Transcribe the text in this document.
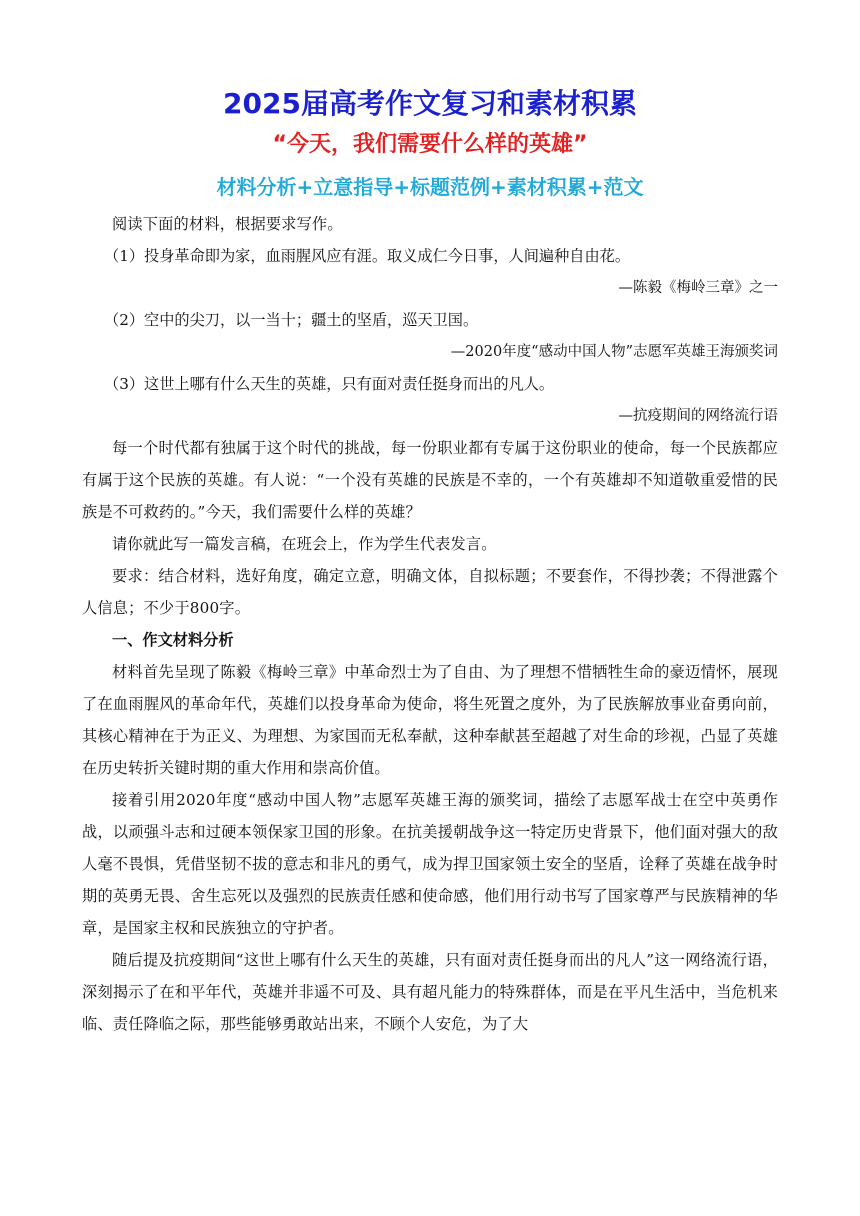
2025届高考作文复习和素材积累
“今天，我们需要什么样的英雄”
材料分析+立意指导+标题范例+素材积累+范文

阅读下面的材料，根据要求写作。

（1）投身革命即为家，血雨腥风应有涯。取义成仁今日事，人间遍种自由花。

—陈毅《梅岭三章》之一

（2）空中的尖刀，以一当十；疆土的坚盾，巡天卫国。

—2020年度“感动中国人物”志愿军英雄王海颁奖词

（3）这世上哪有什么天生的英雄，只有面对责任挺身而出的凡人。

—抗疫期间的网络流行语

每一个时代都有独属于这个时代的挑战，每一份职业都有专属于这份职业的使命，每一个民族都应有属于这个民族的英雄。有人说：“一个没有英雄的民族是不幸的，一个有英雄却不知道敬重爱惜的民族是不可救药的。”今天，我们需要什么样的英雄？

请你就此写一篇发言稿，在班会上，作为学生代表发言。

要求：结合材料，选好角度，确定立意，明确文体，自拟标题；不要套作，不得抄袭；不得泄露个人信息；不少于800字。

一、作文材料分析

材料首先呈现了陈毅《梅岭三章》中革命烈士为了自由、为了理想不惜牺牲生命的豪迈情怀，展现了在血雨腥风的革命年代，英雄们以投身革命为使命，将生死置之度外，为了民族解放事业奋勇向前，其核心精神在于为正义、为理想、为家国而无私奉献，这种奉献甚至超越了对生命的珍视，凸显了英雄在历史转折关键时期的重大作用和崇高价值。

接着引用2020年度“感动中国人物”志愿军英雄王海的颁奖词，描绘了志愿军战士在空中英勇作战，以顽强斗志和过硬本领保家卫国的形象。在抗美援朝战争这一特定历史背景下，他们面对强大的敌人毫不畏惧，凭借坚韧不拔的意志和非凡的勇气，成为捍卫国家领土安全的坚盾，诠释了英雄在战争时期的英勇无畏、舍生忘死以及强烈的民族责任感和使命感，他们用行动书写了国家尊严与民族精神的华章，是国家主权和民族独立的守护者。

随后提及抗疫期间“这世上哪有什么天生的英雄，只有面对责任挺身而出的凡人”这一网络流行语，深刻揭示了在和平年代，英雄并非遥不可及、具有超凡能力的特殊群体，而是在平凡生活中，当危机来临、责任降临之际，那些能够勇敢站出来，不顾个人安危，为了大
